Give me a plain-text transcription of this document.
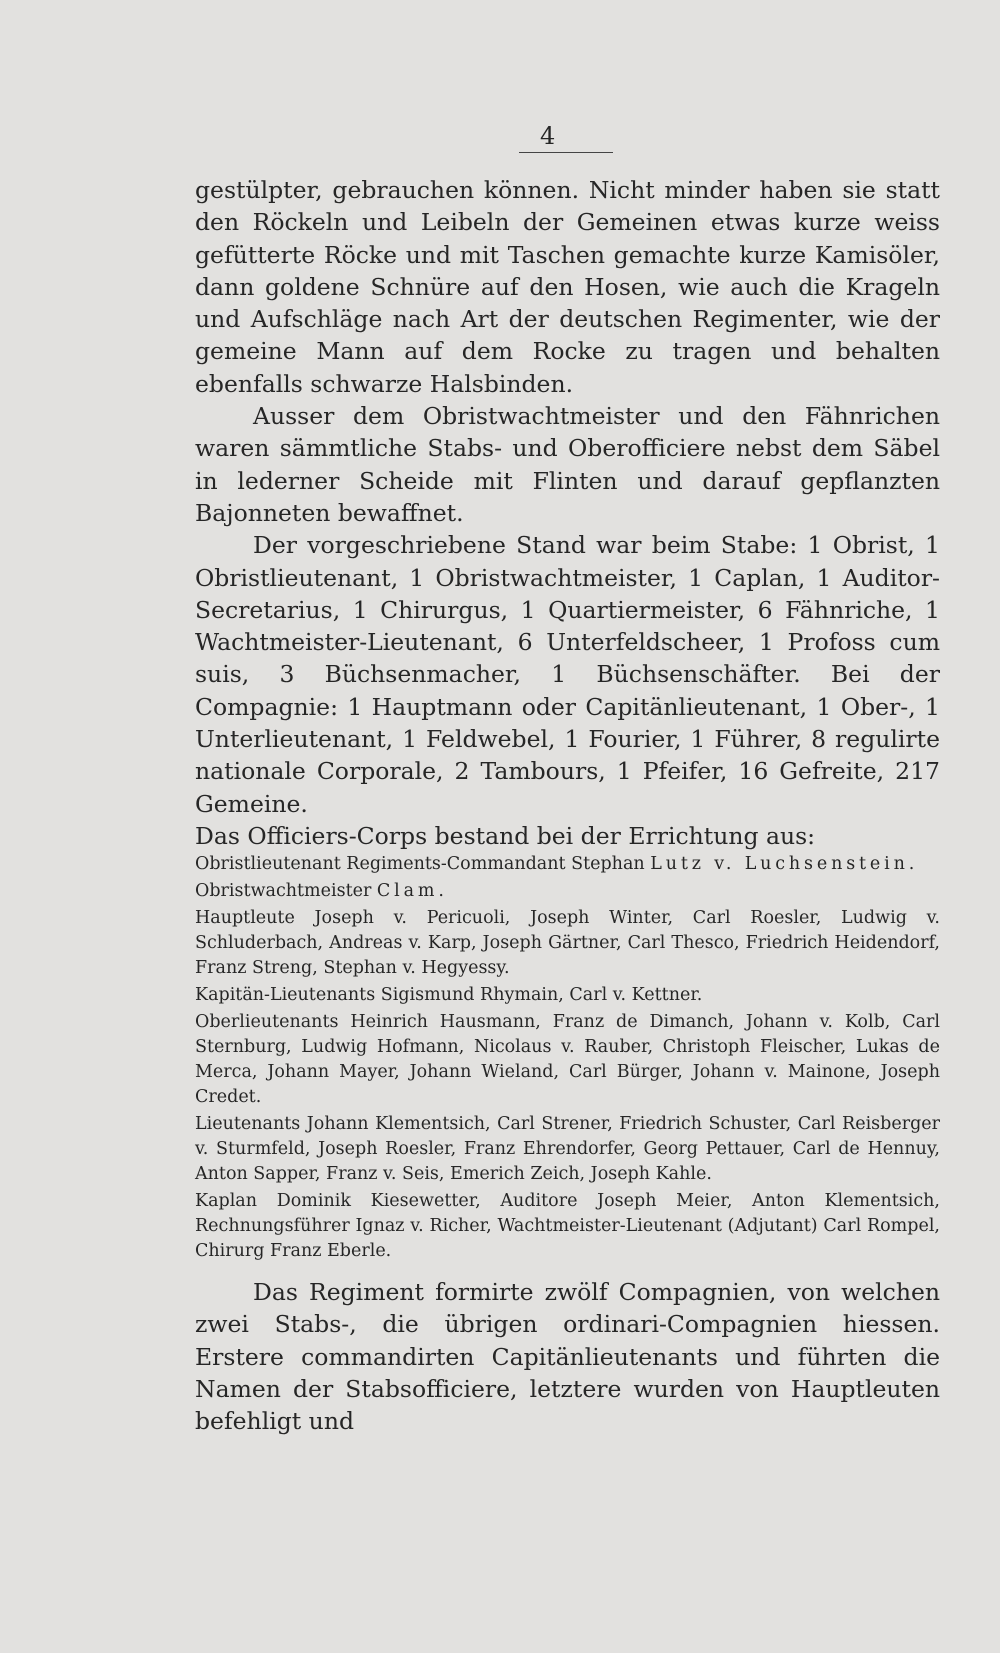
4

gestülpter, gebrauchen können. Nicht minder haben sie statt den Röckeln und Leibeln der Gemeinen etwas kurze weiss gefütterte Röcke und mit Taschen gemachte kurze Kamisöler, dann goldene Schnüre auf den Hosen, wie auch die Krageln und Aufschläge nach Art der deutschen Regimenter, wie der gemeine Mann auf dem Rocke zu tragen und behalten ebenfalls schwarze Halsbinden.

Ausser dem Obristwachtmeister und den Fähnrichen waren sämmtliche Stabs- und Oberofficiere nebst dem Säbel in lederner Scheide mit Flinten und darauf gepflanzten Bajonneten bewaffnet.

Der vorgeschriebene Stand war beim Stabe: 1 Obrist, 1 Obristlieutenant, 1 Obristwachtmeister, 1 Caplan, 1 Auditor-Secretarius, 1 Chirurgus, 1 Quartiermeister, 6 Fähnriche, 1 Wachtmeister-Lieutenant, 6 Unterfeldscheer, 1 Profoss cum suis, 3 Büchsenmacher, 1 Büchsenschäfter. Bei der Compagnie: 1 Hauptmann oder Capitänlieutenant, 1 Ober-, 1 Unterlieutenant, 1 Feldwebel, 1 Fourier, 1 Führer, 8 regulirte nationale Corporale, 2 Tambours, 1 Pfeifer, 16 Gefreite, 217 Gemeine.

Das Officiers-Corps bestand bei der Errichtung aus:

Obristlieutenant Regiments-Commandant Stephan Lutz v. Luchsenstein.

Obristwachtmeister Clam.

Hauptleute Joseph v. Pericuoli, Joseph Winter, Carl Roesler, Ludwig v. Schluderbach, Andreas v. Karp, Joseph Gärtner, Carl Thesco, Friedrich Heidendorf, Franz Streng, Stephan v. Hegyessy.

Kapitän-Lieutenants Sigismund Rhymain, Carl v. Kettner.

Oberlieutenants Heinrich Hausmann, Franz de Dimanch, Johann v. Kolb, Carl Sternburg, Ludwig Hofmann, Nicolaus v. Rauber, Christoph Fleischer, Lukas de Merca, Johann Mayer, Johann Wieland, Carl Bürger, Johann v. Mainone, Joseph Credet.

Lieutenants Johann Klementsich, Carl Strener, Friedrich Schuster, Carl Reisberger v. Sturmfeld, Joseph Roesler, Franz Ehrendorfer, Georg Pettauer, Carl de Hennuy, Anton Sapper, Franz v. Seis, Emerich Zeich, Joseph Kahle.

Kaplan Dominik Kiesewetter, Auditore Joseph Meier, Anton Klementsich, Rechnungsführer Ignaz v. Richer, Wachtmeister-Lieutenant (Adjutant) Carl Rompel, Chirurg Franz Eberle.

Das Regiment formirte zwölf Compagnien, von welchen zwei Stabs-, die übrigen ordinari-Compagnien hiessen. Erstere commandirten Capitänlieutenants und führten die Namen der Stabsofficiere, letztere wurden von Hauptleuten befehligt und
